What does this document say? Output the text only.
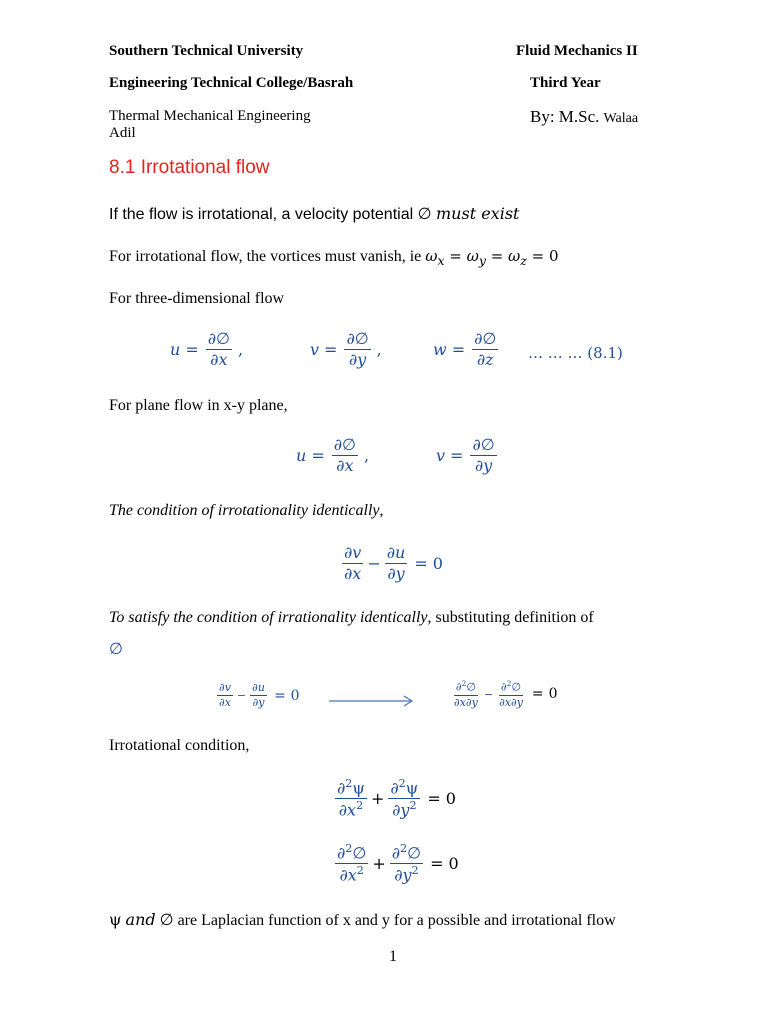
Southern Technical University	Fluid Mechanics II
Engineering Technical College/Basrah	Third Year
Thermal Mechanical Engineering
Adil
By: M.Sc. Walaa
8.1 Irrotational flow
If the flow is irrotational, a velocity potential ∅ must exist
For irrotational flow, the vortices must vanish, ie $\omega_x = \omega_y = \omega_z = 0$
For three-dimensional flow
$u = \frac{\partial\emptyset}{\partial x}$ ,	$v = \frac{\partial\emptyset}{\partial y}$ ,	$w = \frac{\partial\emptyset}{\partial z}$ … … … (8.1)
For plane flow in x-y plane,
$u = \frac{\partial\emptyset}{\partial x}$ ,	$v = \frac{\partial\emptyset}{\partial y}$
The condition of irrotationality identically,
$\frac{\partial v}{\partial x} - \frac{\partial u}{\partial y} = 0$
To satisfy the condition of irrationality identically, substituting definition of
∅
$\frac{\partial v}{\partial x} - \frac{\partial u}{\partial y} = 0$	$\frac{\partial^2\emptyset}{\partial x\partial y} - \frac{\partial^2\emptyset}{\partial x\partial y} = 0$
Irrotational condition,
$\frac{\partial^2\psi}{\partial x^2} + \frac{\partial^2\psi}{\partial y^2} = 0$
$\frac{\partial^2\emptyset}{\partial x^2} + \frac{\partial^2\emptyset}{\partial y^2} = 0$
ψ and ∅ are Laplacian function of x and y for a possible and irrotational flow
1
